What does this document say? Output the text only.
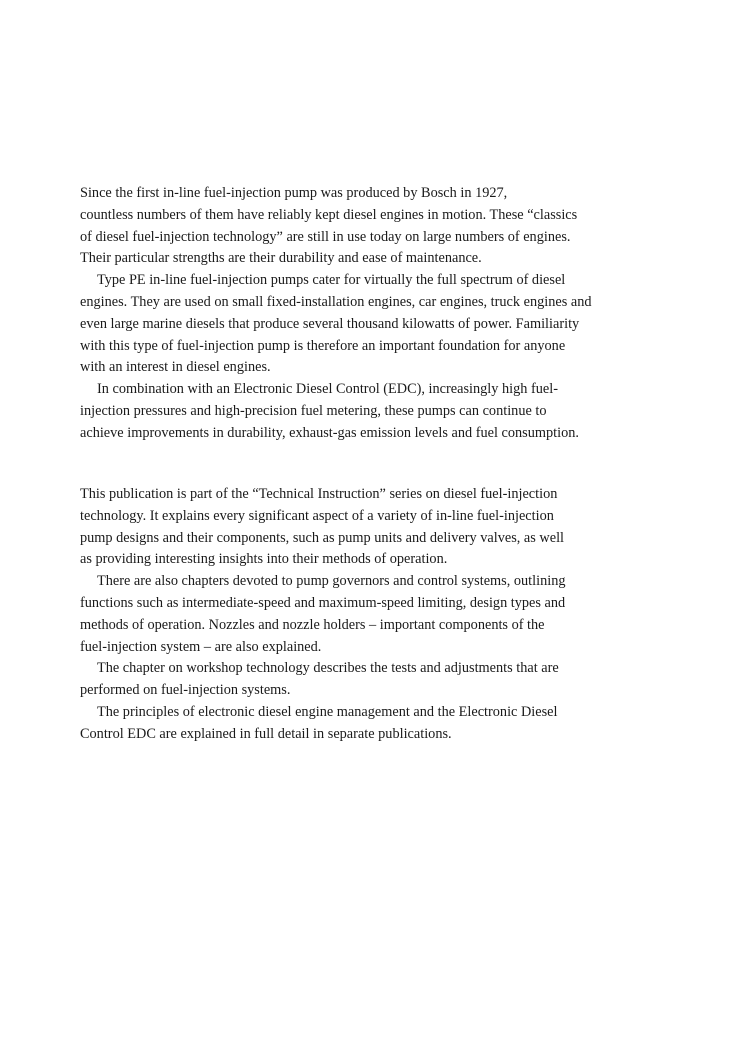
Since the first in-line fuel-injection pump was produced by Bosch in 1927,
countless numbers of them have reliably kept diesel engines in motion. These “classics
of diesel fuel-injection technology” are still in use today on large numbers of engines.
Their particular strengths are their durability and ease of maintenance.

Type PE in-line fuel-injection pumps cater for virtually the full spectrum of diesel
engines. They are used on small fixed-installation engines, car engines, truck engines and
even large marine diesels that produce several thousand kilowatts of power. Familiarity
with this type of fuel-injection pump is therefore an important foundation for anyone
with an interest in diesel engines.

In combination with an Electronic Diesel Control (EDC), increasingly high fuel-
injection pressures and high-precision fuel metering, these pumps can continue to
achieve improvements in durability, exhaust-gas emission levels and fuel consumption.

This publication is part of the “Technical Instruction” series on diesel fuel-injection
technology. It explains every significant aspect of a variety of in-line fuel-injection
pump designs and their components, such as pump units and delivery valves, as well
as providing interesting insights into their methods of operation.

There are also chapters devoted to pump governors and control systems, outlining
functions such as intermediate-speed and maximum-speed limiting, design types and
methods of operation. Nozzles and nozzle holders – important components of the
fuel-injection system – are also explained.

The chapter on workshop technology describes the tests and adjustments that are
performed on fuel-injection systems.

The principles of electronic diesel engine management and the Electronic Diesel
Control EDC are explained in full detail in separate publications.
